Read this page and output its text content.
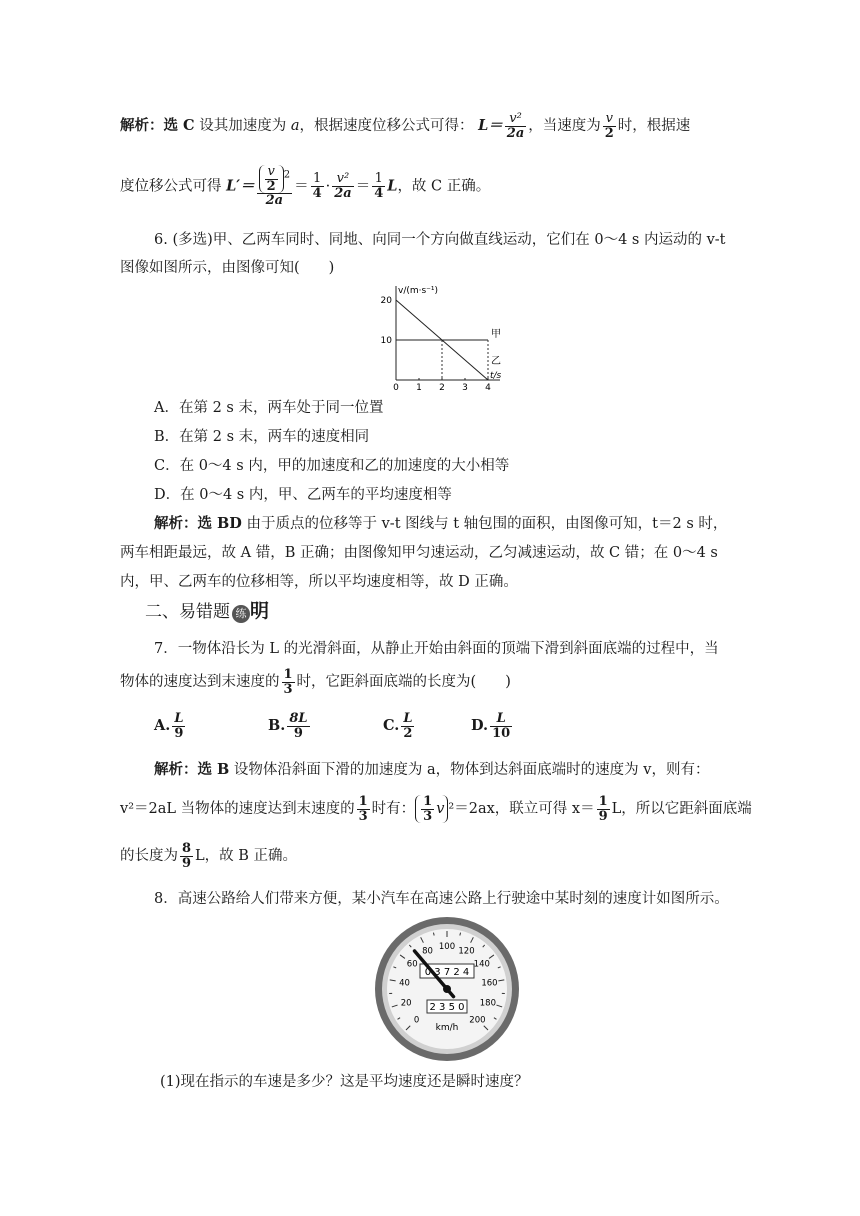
解析：选 C 设其加速度为 a，根据速度位移公式可得： $L= \frac{\text{v²}}{2a}$ ，当速度为 $\frac{v}{2}$ 时，根据速
度位移公式可得 $L'= \frac{\frac{v}{2} ^2}{2a} = \frac{1}{4} \cdot \frac{\text{v²}}{2a} = \frac{1}{4}$ L，故 C 正确。
6. (多选)甲、乙两车同时、同地、向同一个方向做直线运动，它们在 0～4 s 内运动的 v-t
图像如图所示，由图像可知(　　)
v/(m·s⁻¹)
t/s
0 1 2 3 4
10
20
甲
乙
A．在第 2 s 末，两车处于同一位置
B．在第 2 s 末，两车的速度相同
C．在 0～4 s 内，甲的加速度和乙的加速度的大小相等
D．在 0～4 s 内，甲、乙两车的平均速度相等
解析：选 BD 由于质点的位移等于 v-t 图线与 t 轴包围的面积，由图像可知，t＝2 s 时，
两车相距最远，故 A 错，B 正确；由图像知甲匀速运动，乙匀减速运动，故 C 错；在 0～4 s
内，甲、乙两车的位移相等，所以平均速度相等，故 D 正确。
二、易错题 练 明
7．一物体沿长为 L 的光滑斜面，从静止开始由斜面的顶端下滑到斜面底端的过程中，当
物体的速度达到末速度的 $\frac{1}{3}$ 时，它距斜面底端的长度为(　　)
A. $\frac{L}{9}$	B. $\frac{8L}{9}$	C. $\frac{L}{2}$	D. $\frac{L}{10}$
解析：选 B 设物体沿斜面下滑的加速度为 a，物体到达斜面底端时的速度为 v，则有：
v²＝2aL 当物体的速度达到末速度的 $\frac{1}{3}$ 时有： $\frac{1}{3}$ v ²＝2ax，联立可得 $x= \frac{1}{9}$ L，所以它距斜面底端
的长度为 $\frac{8}{9}$ L，故 B 正确。
8．高速公路给人们带来方便，某小汽车在高速公路上行驶途中某时刻的速度计如图所示。
0
20
40
60
80 100 120
140
160
180
200
0 3 7 2 4
2 3 5 0
km/h
(1)现在指示的车速是多少？这是平均速度还是瞬时速度？
